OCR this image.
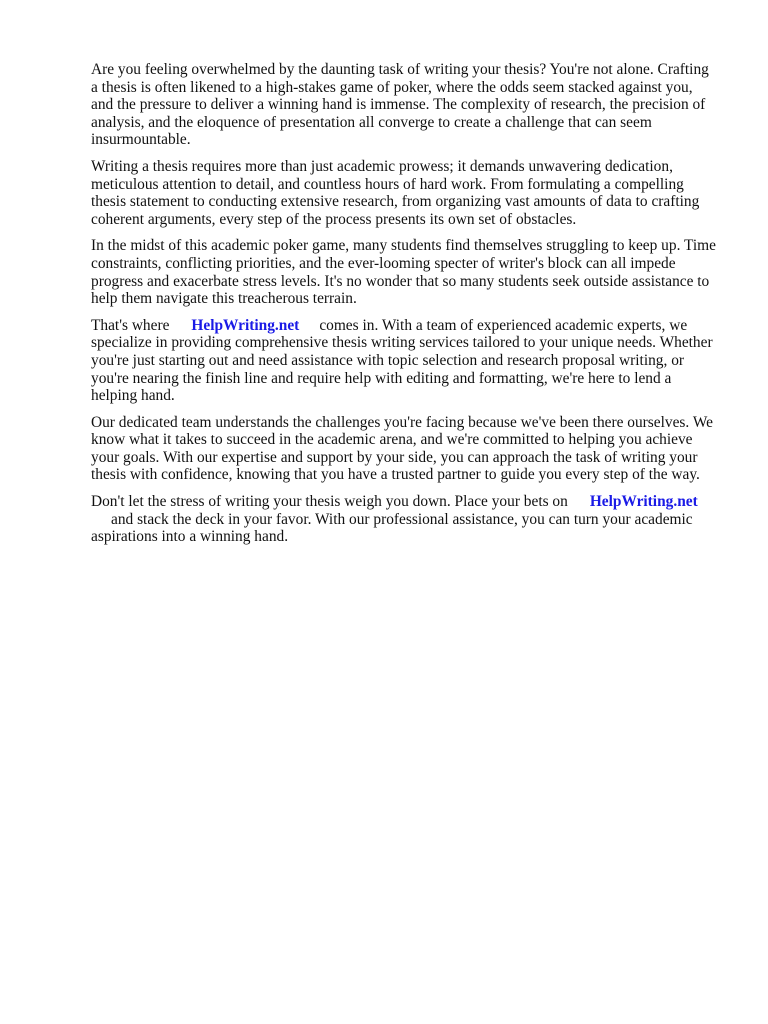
Are you feeling overwhelmed by the daunting task of writing your thesis? You're not alone. Crafting
a thesis is often likened to a high-stakes game of poker, where the odds seem stacked against you,
and the pressure to deliver a winning hand is immense. The complexity of research, the precision of
analysis, and the eloquence of presentation all converge to create a challenge that can seem
insurmountable.

Writing a thesis requires more than just academic prowess; it demands unwavering dedication,
meticulous attention to detail, and countless hours of hard work. From formulating a compelling
thesis statement to conducting extensive research, from organizing vast amounts of data to crafting
coherent arguments, every step of the process presents its own set of obstacles.

In the midst of this academic poker game, many students find themselves struggling to keep up. Time
constraints, conflicting priorities, and the ever-looming specter of writer's block can all impede
progress and exacerbate stress levels. It's no wonder that so many students seek outside assistance to
help them navigate this treacherous terrain.

That's where HelpWriting.net comes in. With a team of experienced academic experts, we
specialize in providing comprehensive thesis writing services tailored to your unique needs. Whether
you're just starting out and need assistance with topic selection and research proposal writing, or
you're nearing the finish line and require help with editing and formatting, we're here to lend a
helping hand.

Our dedicated team understands the challenges you're facing because we've been there ourselves. We
know what it takes to succeed in the academic arena, and we're committed to helping you achieve
your goals. With our expertise and support by your side, you can approach the task of writing your
thesis with confidence, knowing that you have a trusted partner to guide you every step of the way.

Don't let the stress of writing your thesis weigh you down. Place your bets on HelpWriting.net
and stack the deck in your favor. With our professional assistance, you can turn your academic
aspirations into a winning hand.
